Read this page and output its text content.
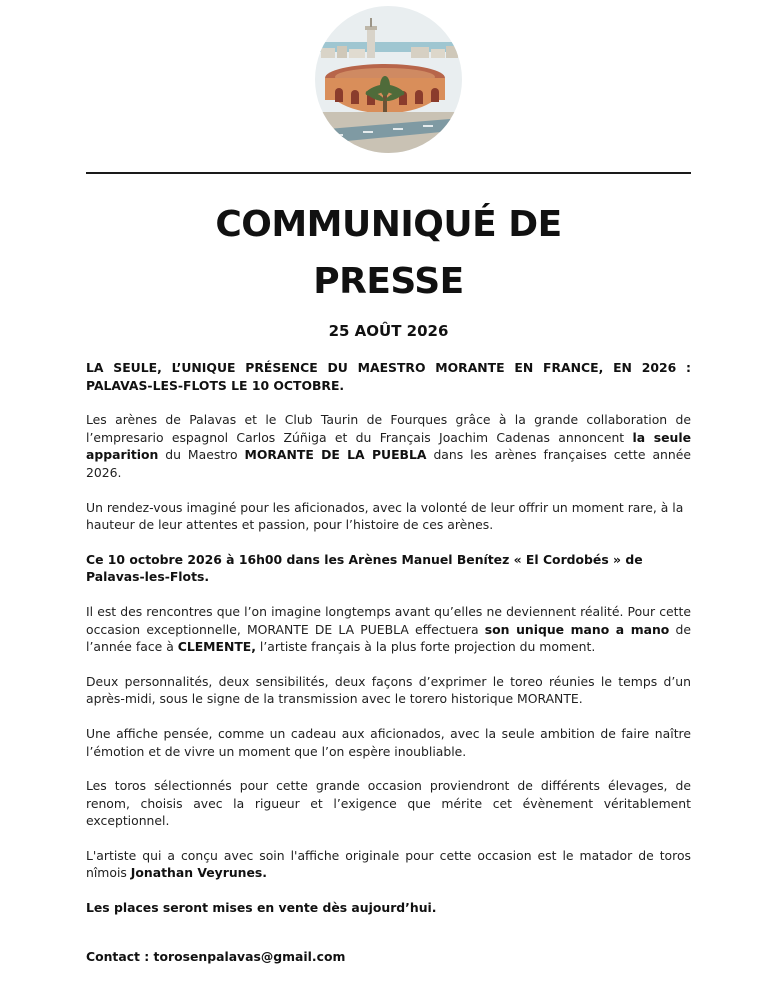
COMMUNIQUÉ DE
PRESSE

25 AOÛT 2026

LA SEULE, L’UNIQUE PRÉSENCE DU MAESTRO MORANTE EN FRANCE, EN 2026 : PALAVAS-LES-FLOTS LE 10 OCTOBRE.

Les arènes de Palavas et le Club Taurin de Fourques grâce à la grande collaboration de l’empresario espagnol Carlos Zúñiga et du Français Joachim Cadenas annoncent la seule apparition du Maestro MORANTE DE LA PUEBLA dans les arènes françaises cette année 2026.

Un rendez-vous imaginé pour les aficionados, avec la volonté de leur offrir un moment rare, à la hauteur de leur attentes et passion, pour l’histoire de ces arènes.

Ce 10 octobre 2026 à 16h00 dans les Arènes Manuel Benítez « El Cordobés » de Palavas-les-Flots.

Il est des rencontres que l’on imagine longtemps avant qu’elles ne deviennent réalité. Pour cette occasion exceptionnelle, MORANTE DE LA PUEBLA effectuera son unique mano a mano de l’année face à CLEMENTE, l’artiste français à la plus forte projection du moment.

Deux personnalités, deux sensibilités, deux façons d’exprimer le toreo réunies le temps d’un après-midi, sous le signe de la transmission avec le torero historique MORANTE.

Une affiche pensée, comme un cadeau aux aficionados, avec la seule ambition de faire naître l’émotion et de vivre un moment que l’on espère inoubliable.

Les toros sélectionnés pour cette grande occasion proviendront de différents élevages, de renom, choisis avec la rigueur et l’exigence que mérite cet évènement véritablement exceptionnel.

L'artiste qui a conçu avec soin l'affiche originale pour cette occasion est le matador de toros nîmois Jonathan Veyrunes.

Les places seront mises en vente dès aujourd’hui.

Contact : torosenpalavas@gmail.com
